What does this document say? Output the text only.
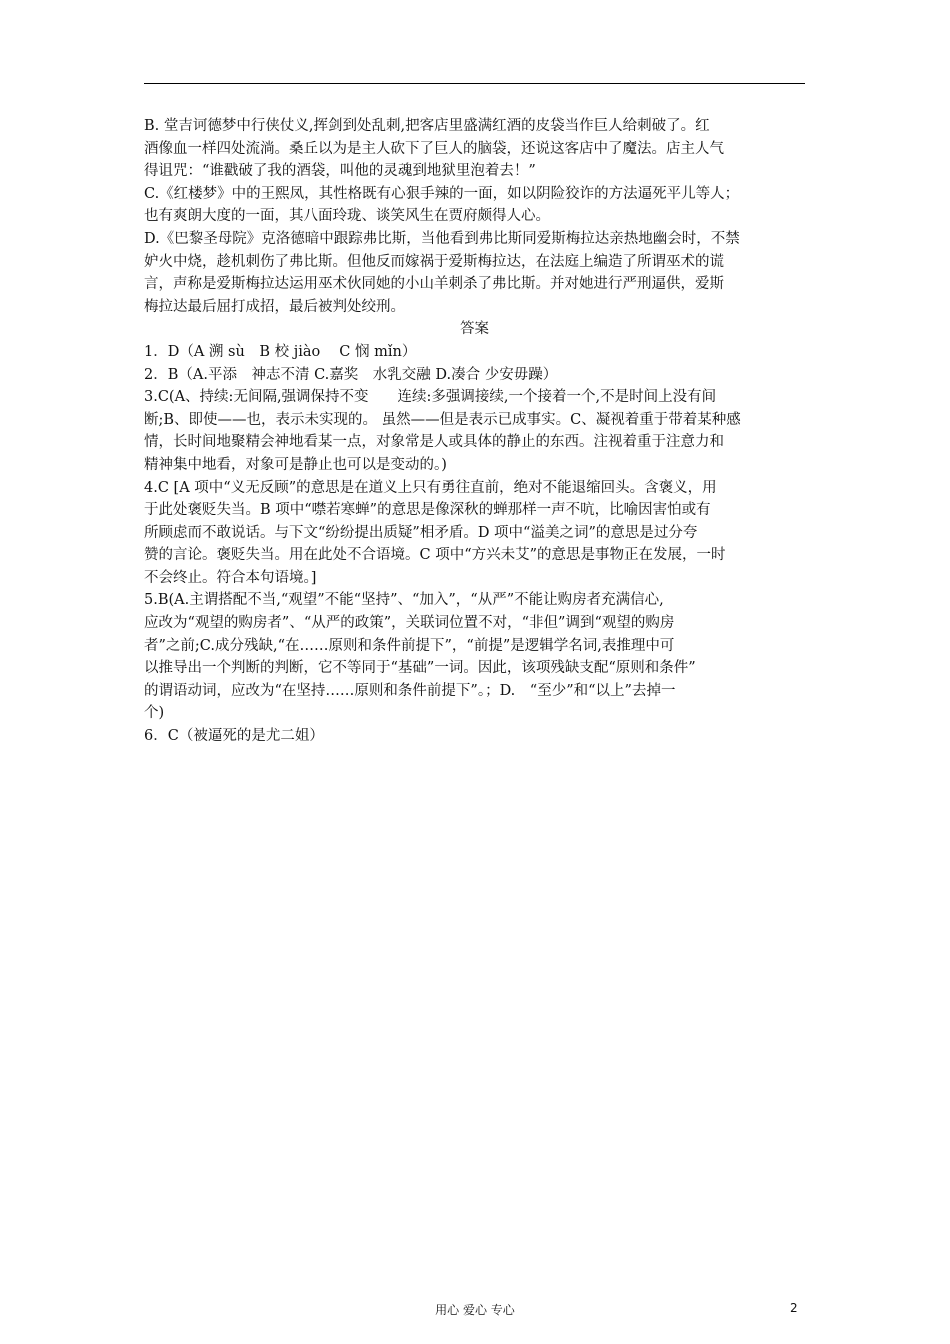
B. 堂吉诃德梦中行侠仗义,挥剑到处乱刺,把客店里盛满红酒的皮袋当作巨人给刺破了。红

酒像血一样四处流淌。桑丘以为是主人砍下了巨人的脑袋，还说这客店中了魔法。店主人气

得诅咒：“谁戳破了我的酒袋，叫他的灵魂到地狱里泡着去！”

C.《红楼梦》中的王熙凤，其性格既有心狠手辣的一面，如以阴险狡诈的方法逼死平儿等人；

也有爽朗大度的一面，其八面玲珑、谈笑风生在贾府颇得人心。

D.《巴黎圣母院》克洛德暗中跟踪弗比斯，当他看到弗比斯同爱斯梅拉达亲热地幽会时，不禁

妒火中烧，趁机刺伤了弗比斯。但他反而嫁祸于爱斯梅拉达，在法庭上编造了所谓巫术的谎

言，声称是爱斯梅拉达运用巫术伙同她的小山羊刺杀了弗比斯。并对她进行严刑逼供，爱斯

梅拉达最后屈打成招，最后被判处绞刑。

答案

1．D（A 溯 sù　B 校 jiào　 C 悯 mǐn）

2．B（A.平添　神志不清 C.嘉奖　水乳交融 D.凑合 少安毋躁）

3.C(A、持续:无间隔,强调保持不变　　连续:多强调接续,一个接着一个,不是时间上没有间

断;B、即使——也，表示未实现的。 虽然——但是表示已成事实。C、凝视着重于带着某种感

情，长时间地聚精会神地看某一点，对象常是人或具体的静止的东西。注视着重于注意力和

精神集中地看，对象可是静止也可以是变动的。)

4.C [A 项中“义无反顾”的意思是在道义上只有勇往直前，绝对不能退缩回头。含褒义，用

于此处褒贬失当。B 项中“噤若寒蝉”的意思是像深秋的蝉那样一声不吭，比喻因害怕或有

所顾虑而不敢说话。与下文“纷纷提出质疑”相矛盾。D 项中“溢美之词”的意思是过分夸

赞的言论。褒贬失当。用在此处不合语境。C 项中“方兴未艾”的意思是事物正在发展，一时

不会终止。符合本句语境。]

5.B(A.主谓搭配不当,“观望”不能“坚持”、“加入”，“从严”不能让购房者充满信心,

应改为“观望的购房者”、“从严的政策”，关联词位置不对，“非但”调到“观望的购房

者”之前;C.成分残缺,“在……原则和条件前提下”，“前提”是逻辑学名词,表推理中可

以推导出一个判断的判断，它不等同于“基础”一词。因此，该项残缺支配“原则和条件”

的谓语动词，应改为“在坚持……原则和条件前提下”。；D.　“至少”和“以上”去掉一

个)

6．C（被逼死的是尤二姐）

用心 爱心 专心	2
